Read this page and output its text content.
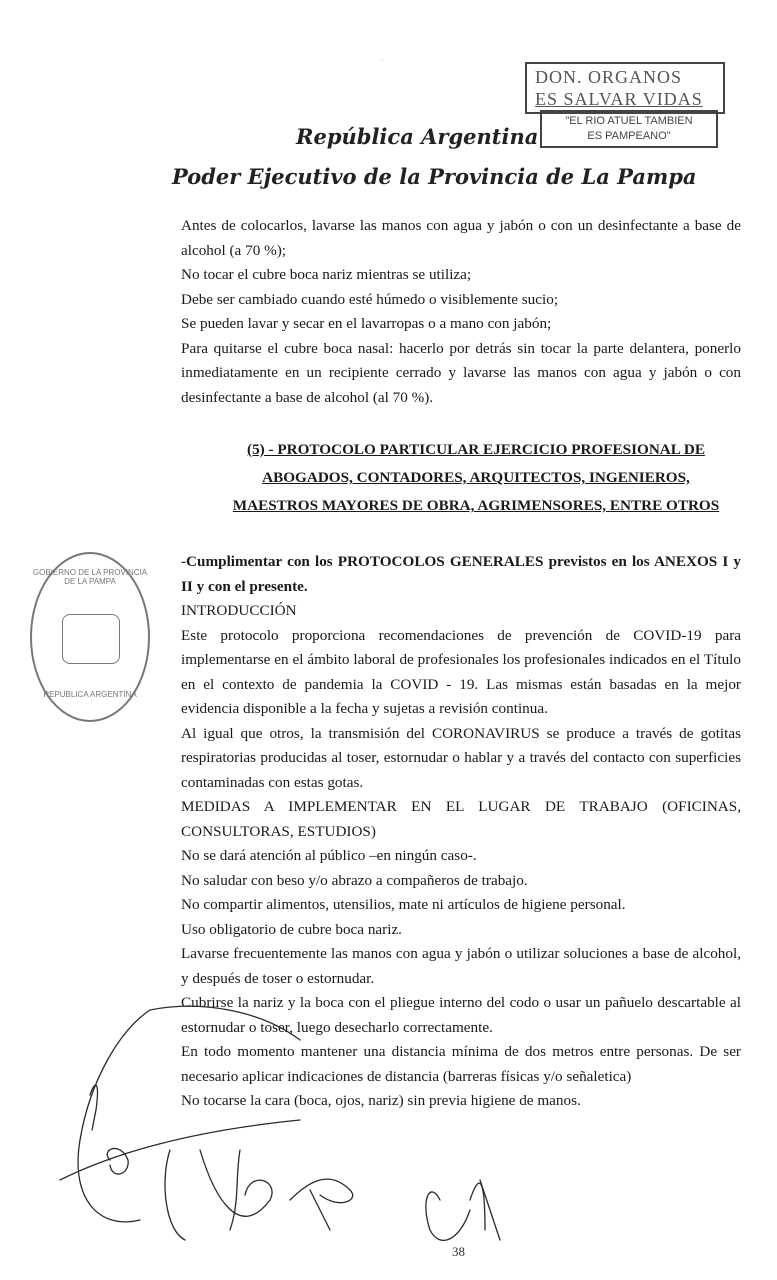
▫
DON. ORGANOS
ES SALVAR VIDAS
"EL RIO ATUEL TAMBIEN
ES PAMPEANO"
República Argentina
Poder Ejecutivo de la Provincia de La Pampa
GOBIERNO DE LA PROVINCIA DE LA PAMPA
REPUBLICA ARGENTINA

Antes de colocarlos, lavarse las manos con agua y jabón o con un desinfectante a base de alcohol (a 70 %);

No tocar el cubre boca nariz mientras se utiliza;

Debe ser cambiado cuando esté húmedo o visiblemente sucio;

Se pueden lavar y secar en el lavarropas o a mano con jabón;

Para quitarse el cubre boca nasal: hacerlo por detrás sin tocar la parte delantera, ponerlo inmediatamente en un recipiente cerrado y lavarse las manos con agua y jabón o con desinfectante a base de alcohol (al 70 %).

(5) - PROTOCOLO PARTICULAR EJERCICIO PROFESIONAL DE
ABOGADOS, CONTADORES, ARQUITECTOS, INGENIEROS,
MAESTROS MAYORES DE OBRA, AGRIMENSORES, ENTRE OTROS

-Cumplimentar con los PROTOCOLOS GENERALES previstos en los ANEXOS I y II y con el presente.

INTRODUCCIÓN

Este protocolo proporciona recomendaciones de prevención de COVID-19 para implementarse en el ámbito laboral de profesionales los profesionales indicados en el Título en el contexto de pandemia la COVID - 19. Las mismas están basadas en la mejor evidencia disponible a la fecha y sujetas a revisión continua.

Al igual que otros, la transmisión del CORONAVIRUS se produce a través de gotitas respiratorias producidas al toser, estornudar o hablar y a través del contacto con superficies contaminadas con estas gotas.

MEDIDAS A IMPLEMENTAR EN EL LUGAR DE TRABAJO (OFICINAS, CONSULTORAS, ESTUDIOS)

No se dará atención al público –en ningún caso-.

No saludar con beso y/o abrazo a compañeros de trabajo.

No compartir alimentos, utensilios, mate ni artículos de higiene personal.

Uso obligatorio de cubre boca nariz.

Lavarse frecuentemente las manos con agua y jabón o utilizar soluciones a base de alcohol, y después de toser o estornudar.

Cubrirse la nariz y la boca con el pliegue interno del codo o usar un pañuelo descartable al estornudar o toser, luego desecharlo correctamente.

En todo momento mantener una distancia mínima de dos metros entre personas. De ser necesario aplicar indicaciones de distancia (barreras físicas y/o señaletica)

No tocarse la cara (boca, ojos, nariz) sin previa higiene de manos.

38
